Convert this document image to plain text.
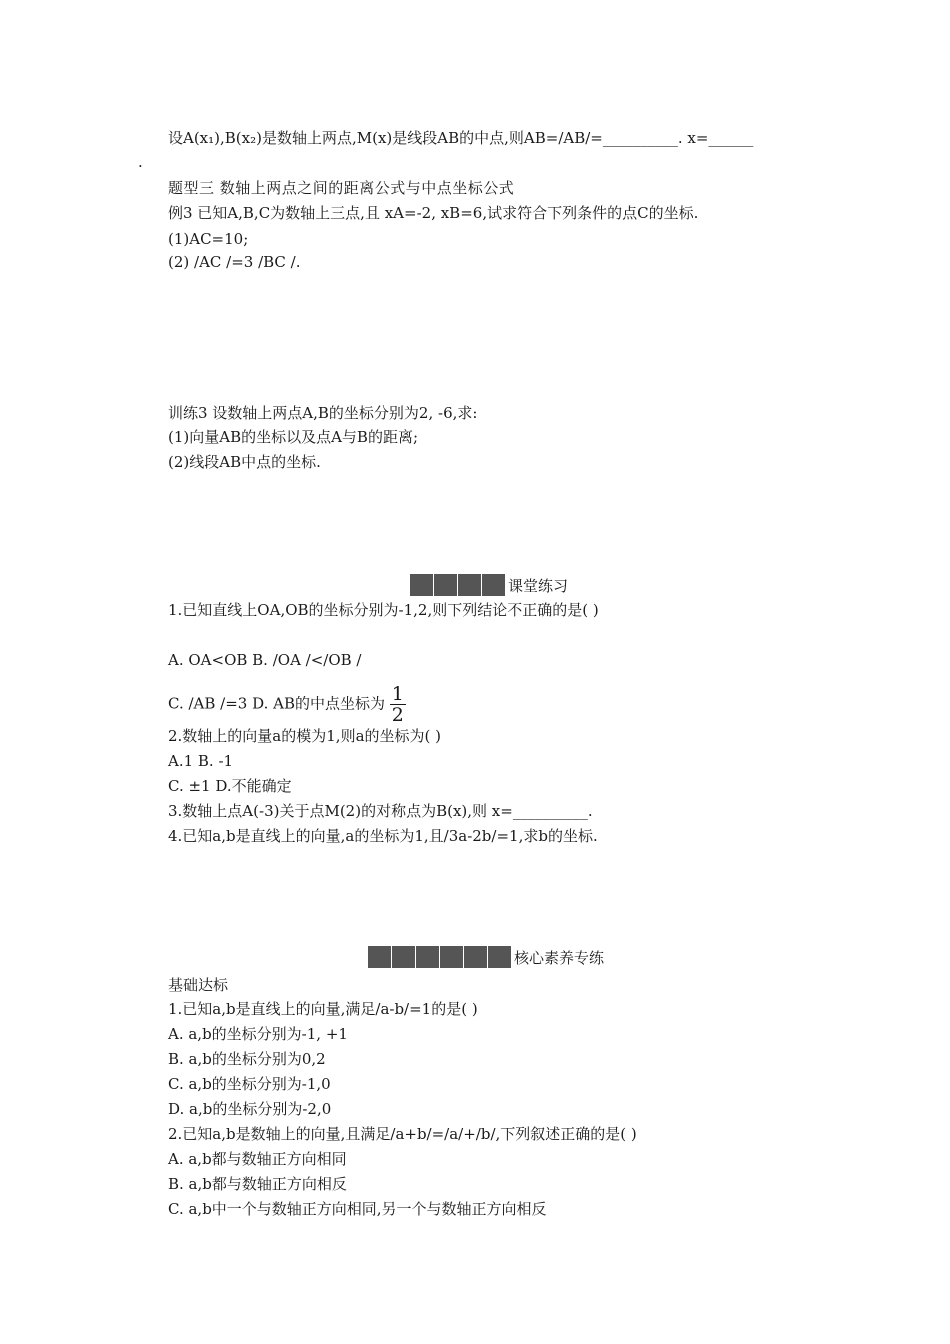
设A(x₁),B(x₂)是数轴上两点,M(x)是线段AB的中点,则AB=/AB/=__________. x=______
.
题型三 数轴上两点之间的距离公式与中点坐标公式
例3 已知A,B,C为数轴上三点,且 xA=-2, xB=6,试求符合下列条件的点C的坐标.
(1)AC=10;
(2) /AC /=3 /BC /.
训练3 设数轴上两点A,B的坐标分别为2, -6,求:
(1)向量AB的坐标以及点A与B的距离;
(2)线段AB中点的坐标.
课堂练习
1.已知直线上OA,OB的坐标分别为-1,2,则下列结论不正确的是( )
A. OA<OB B. /OA /</OB /
C. /AB /=3 D. AB的中点坐标为 $\frac{1}{2}$
2.数轴上的向量a的模为1,则a的坐标为( )
A.1 B. -1
C. ±1 D.不能确定
3.数轴上点A(-3)关于点M(2)的对称点为B(x),则 x=__________.
4.已知a,b是直线上的向量,a的坐标为1,且/3a-2b/=1,求b的坐标.
核心素养专练
基础达标
1.已知a,b是直线上的向量,满足/a-b/=1的是( )
A. a,b的坐标分别为-1, +1
B. a,b的坐标分别为0,2
C. a,b的坐标分别为-1,0
D. a,b的坐标分别为-2,0
2.已知a,b是数轴上的向量,且满足/a+b/=/a/+/b/,下列叙述正确的是( )
A. a,b都与数轴正方向相同
B. a,b都与数轴正方向相反
C. a,b中一个与数轴正方向相同,另一个与数轴正方向相反
